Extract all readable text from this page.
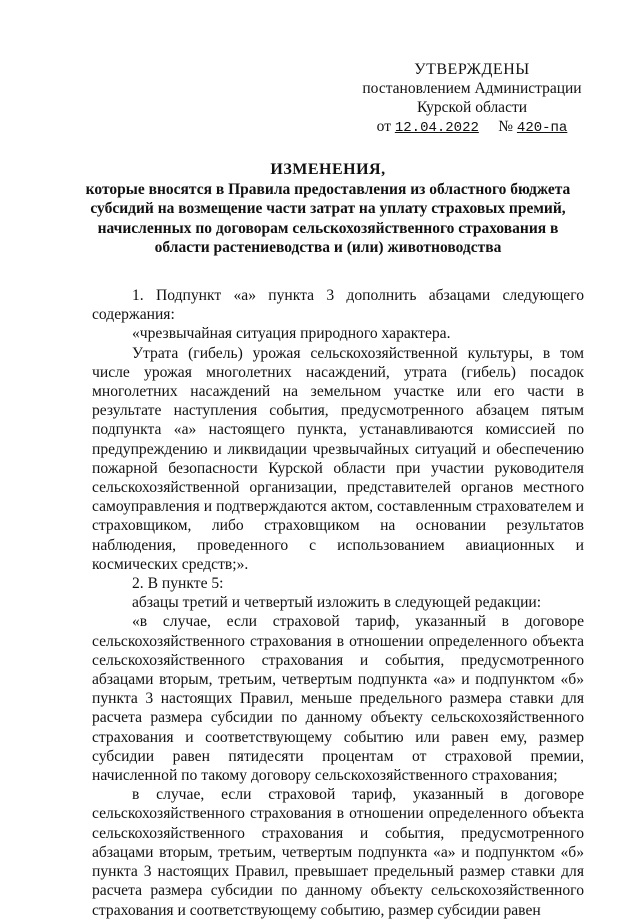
УТВЕРЖДЕНЫ
постановлением Администрации
Курской области
от 12.04.2022 № 420-па
ИЗМЕНЕНИЯ,
которые вносятся в Правила предоставления из областного бюджета
субсидий на возмещение части затрат на уплату страховых премий,
начисленных по договорам сельскохозяйственного страхования в
области растениеводства и (или) животноводства

1. Подпункт «а» пункта 3 дополнить абзацами следующего содержания:

«чрезвычайная ситуация природного характера.

Утрата (гибель) урожая сельскохозяйственной культуры, в том числе урожая многолетних насаждений, утрата (гибель) посадок многолетних насаждений на земельном участке или его части в результате наступления события, предусмотренного абзацем пятым подпункта «а» настоящего пункта, устанавливаются комиссией по предупреждению и ликвидации чрезвычайных ситуаций и обеспечению пожарной безопасности Курской области при участии руководителя сельскохозяйственной организации, представителей органов местного самоуправления и подтверждаются актом, составленным страхователем и страховщиком, либо страховщиком на основании результатов наблюдения, проведенного с использованием авиационных и космических средств;».

2. В пункте 5:

абзацы третий и четвертый изложить в следующей редакции:

«в случае, если страховой тариф, указанный в договоре сельскохозяйственного страхования в отношении определенного объекта сельскохозяйственного страхования и события, предусмотренного абзацами вторым, третьим, четвертым подпункта «а» и подпунктом «б» пункта 3 настоящих Правил, меньше предельного размера ставки для расчета размера субсидии по данному объекту сельскохозяйственного страхования и соответствующему событию или равен ему, размер субсидии равен пятидесяти процентам от страховой премии, начисленной по такому договору сельскохозяйственного страхования;

в случае, если страховой тариф, указанный в договоре сельскохозяйственного страхования в отношении определенного объекта сельскохозяйственного страхования и события, предусмотренного абзацами вторым, третьим, четвертым подпункта «а» и подпунктом «б» пункта 3 настоящих Правил, превышает предельный размер ставки для расчета размера субсидии по данному объекту сельскохозяйственного страхования и соответствующему событию, размер субсидии равен
